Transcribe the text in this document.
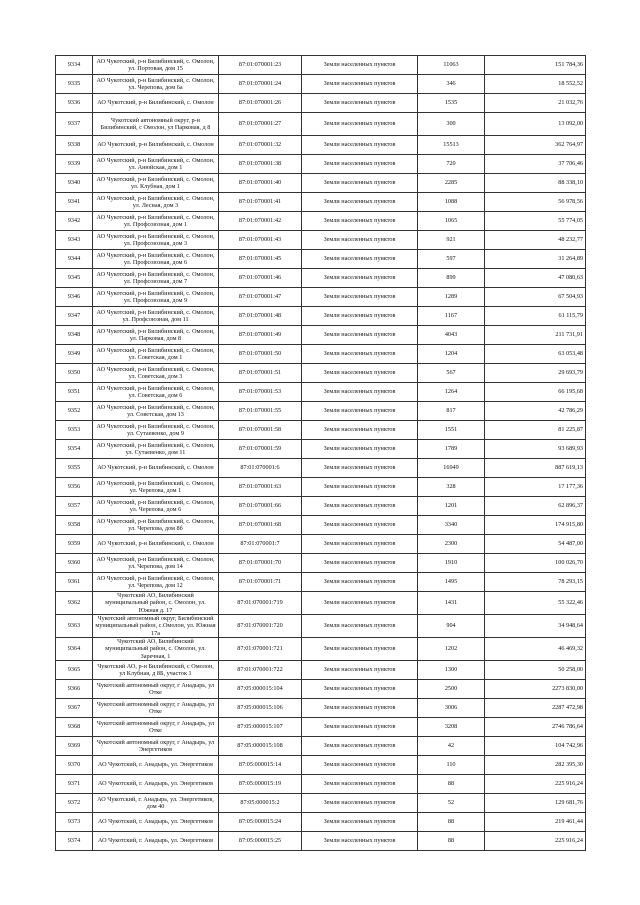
9334	АО Чукотский, р-н Билибинский, с. Омолон, ул. Портовая, дом 15	87:01:070001:23	Земли населенных пунктов	11063	151 784,36
9335	АО Чукотский, р-н Билибинский, с. Омолон, ул. Черепова, дом 6а	87:01:070001:24	Земли населенных пунктов	346	18 552,52
9336	АО Чукотский, р-н Билибинский, с. Омолон	87:01:070001:26	Земли населенных пунктов	1535	21 032,76
9337	Чукотский автономный округ, р-н Билибинский, с Омолон, ул Парковая, д 8	87:01:070001:27	Земли населенных пунктов	300	13 092,00
9338	АО Чукотский, р-н Билибинский, с. Омолон	87:01:070001:32	Земли населенных пунктов	15513	362 764,97
9339	АО Чукотский, р-н Билибинский, с. Омолон, ул. Анюйская, дом 1	87:01:070001:38	Земли населенных пунктов	720	37 706,46
9340	АО Чукотский, р-н Билибинский, с. Омолон, ул. Клубная, дом 1	87:01:070001:40	Земли населенных пунктов	2285	88 338,10
9341	АО Чукотский, р-н Билибинский, с. Омолон, ул. Лесная, дом 3	87:01:070001:41	Земли населенных пунктов	1088	56 978,56
9342	АО Чукотский, р-н Билибинский, с. Омолон, ул. Профсоюзная, дом 1	87:01:070001:42	Земли населенных пунктов	1065	55 774,05
9343	АО Чукотский, р-н Билибинский, с. Омолон, ул. Профсоюзная, дом 3	87:01:070001:43	Земли населенных пунктов	921	48 232,77
9344	АО Чукотский, р-н Билибинский, с. Омолон, ул. Профсоюзная, дом 6	87:01:070001:45	Земли населенных пунктов	597	31 264,89
9345	АО Чукотский, р-н Билибинский, с. Омолон, ул. Профсоюзная, дом 7	87:01:070001:46	Земли населенных пунктов	899	47 080,63
9346	АО Чукотский, р-н Билибинский, с. Омолон, ул. Профсоюзная, дом 9	87:01:070001:47	Земли населенных пунктов	1289	67 504,93
9347	АО Чукотский, р-н Билибинский, с. Омолон, ул. Профсоюзная, дом 11	87:01:070001:48	Земли населенных пунктов	1167	61 115,79
9348	АО Чукотский, р-н Билибинский, с. Омолон, ул. Парковая, дом 8	87:01:070001:49	Земли населенных пунктов	4043	211 731,91
9349	АО Чукотский, р-н Билибинский, с. Омолон, ул. Советская, дом 1	87:01:070001:50	Земли населенных пунктов	1204	63 053,48
9350	АО Чукотский, р-н Билибинский, с. Омолон, ул. Советская, дом 3	87:01:070001:51	Земли населенных пунктов	567	29 693,79
9351	АО Чукотский, р-н Билибинский, с. Омолон, ул. Советская, дом 6	87:01:070001:53	Земли населенных пунктов	1264	66 195,68
9352	АО Чукотский, р-н Билибинский, с. Омолон, ул. Советская, дом 13	87:01:070001:55	Земли населенных пунктов	817	42 786,29
9353	АО Чукотский, р-н Билибинский, с. Омолон, ул. Сутаевенко, дом 9	87:01:070001:58	Земли населенных пунктов	1551	81 225,87
9354	АО Чукотский, р-н Билибинский, с. Омолон, ул. Сутаевенко, дом 11	87:01:070001:59	Земли населенных пунктов	1789	93 689,93
9355	АО Чукотский, р-н Билибинский, с. Омолон	87:01:070001:6	Земли населенных пунктов	16949	887 619,13
9356	АО Чукотский, р-н Билибинский, с. Омолон, ул. Черепова, дом 1	87:01:070001:63	Земли населенных пунктов	328	17 177,36
9357	АО Чукотский, р-н Билибинский, с. Омолон, ул. Черепова, дом 6	87:01:070001:66	Земли населенных пунктов	1201	62 896,37
9358	АО Чукотский, р-н Билибинский, с. Омолон, ул. Черепова, дом 8б	87:01:070001:68	Земли населенных пунктов	3340	174 915,80
9359	АО Чукотский, р-н Билибинский, с. Омолон	87:01:070001:7	Земли населенных пунктов	2300	54 487,00
9360	АО Чукотский, р-н Билибинский, с. Омолон, ул. Черепова, дом 14	87:01:070001:70	Земли населенных пунктов	1910	100 026,70
9361	АО Чукотский, р-н Билибинский, с. Омолон, ул. Черепова, дом 12	87:01:070001:71	Земли населенных пунктов	1495	78 293,15
9362	Чукотский АО, Билибинский муниципальный район, с. Омолон, ул. Южная д. 17	87:01:070001:719	Земли населенных пунктов	1431	55 322,46
9363	Чукотский автономный округ, Билибинский муниципальный район, с.Омолон, ул. Южная 17а	87:01:070001:720	Земли населенных пунктов	904	34 948,64
9364	Чукотский АО, Билибинский муниципальный район, с. Омолон, ул. Заречная, 1	87:01:070001:721	Земли населенных пунктов	1202	46 469,32
9365	Чукотский АО, р-н Билибинский, с Омолон, ул Клубная, д 8Б, участок 1	87:01:070001:722	Земли населенных пунктов	1300	50 258,00
9366	Чукотский автономный округ, г Анадырь, ул Отке	87:05:000015:104	Земли населенных пунктов	2500	2273 830,00
9367	Чукотский автономный округ, г Анадырь, ул Отке	87:05:000015:106	Земли населенных пунктов	3006	2287 472,98
9368	Чукотский автономный округ, г Анадырь, ул Отке	87:05:000015:107	Земли населенных пунктов	3208	2746 786,64
9369	Чукотский автономный округ, г Анадырь, ул Энергетиков	87:05:000015:108	Земли населенных пунктов	42	104 742,96
9370	АО Чукотский, г. Анадырь, ул. Энергетиков	87:05:000015:14	Земли населенных пунктов	110	282 395,30
9371	АО Чукотский, г. Анадырь, ул. Энергетиков	87:05:000015:19	Земли населенных пунктов	88	225 916,24
9372	АО Чукотский, г. Анадырь, ул. Энергетиков, дом 40	87:05:000015:2	Земли населенных пунктов	52	129 681,76
9373	АО Чукотский, г. Анадырь, ул. Энергетиков	87:05:000015:24	Земли населенных пунктов	88	219 461,44
9374	АО Чукотский, г. Анадырь, ул. Энергетиков	87:05:000015:25	Земли населенных пунктов	88	225 916,24
